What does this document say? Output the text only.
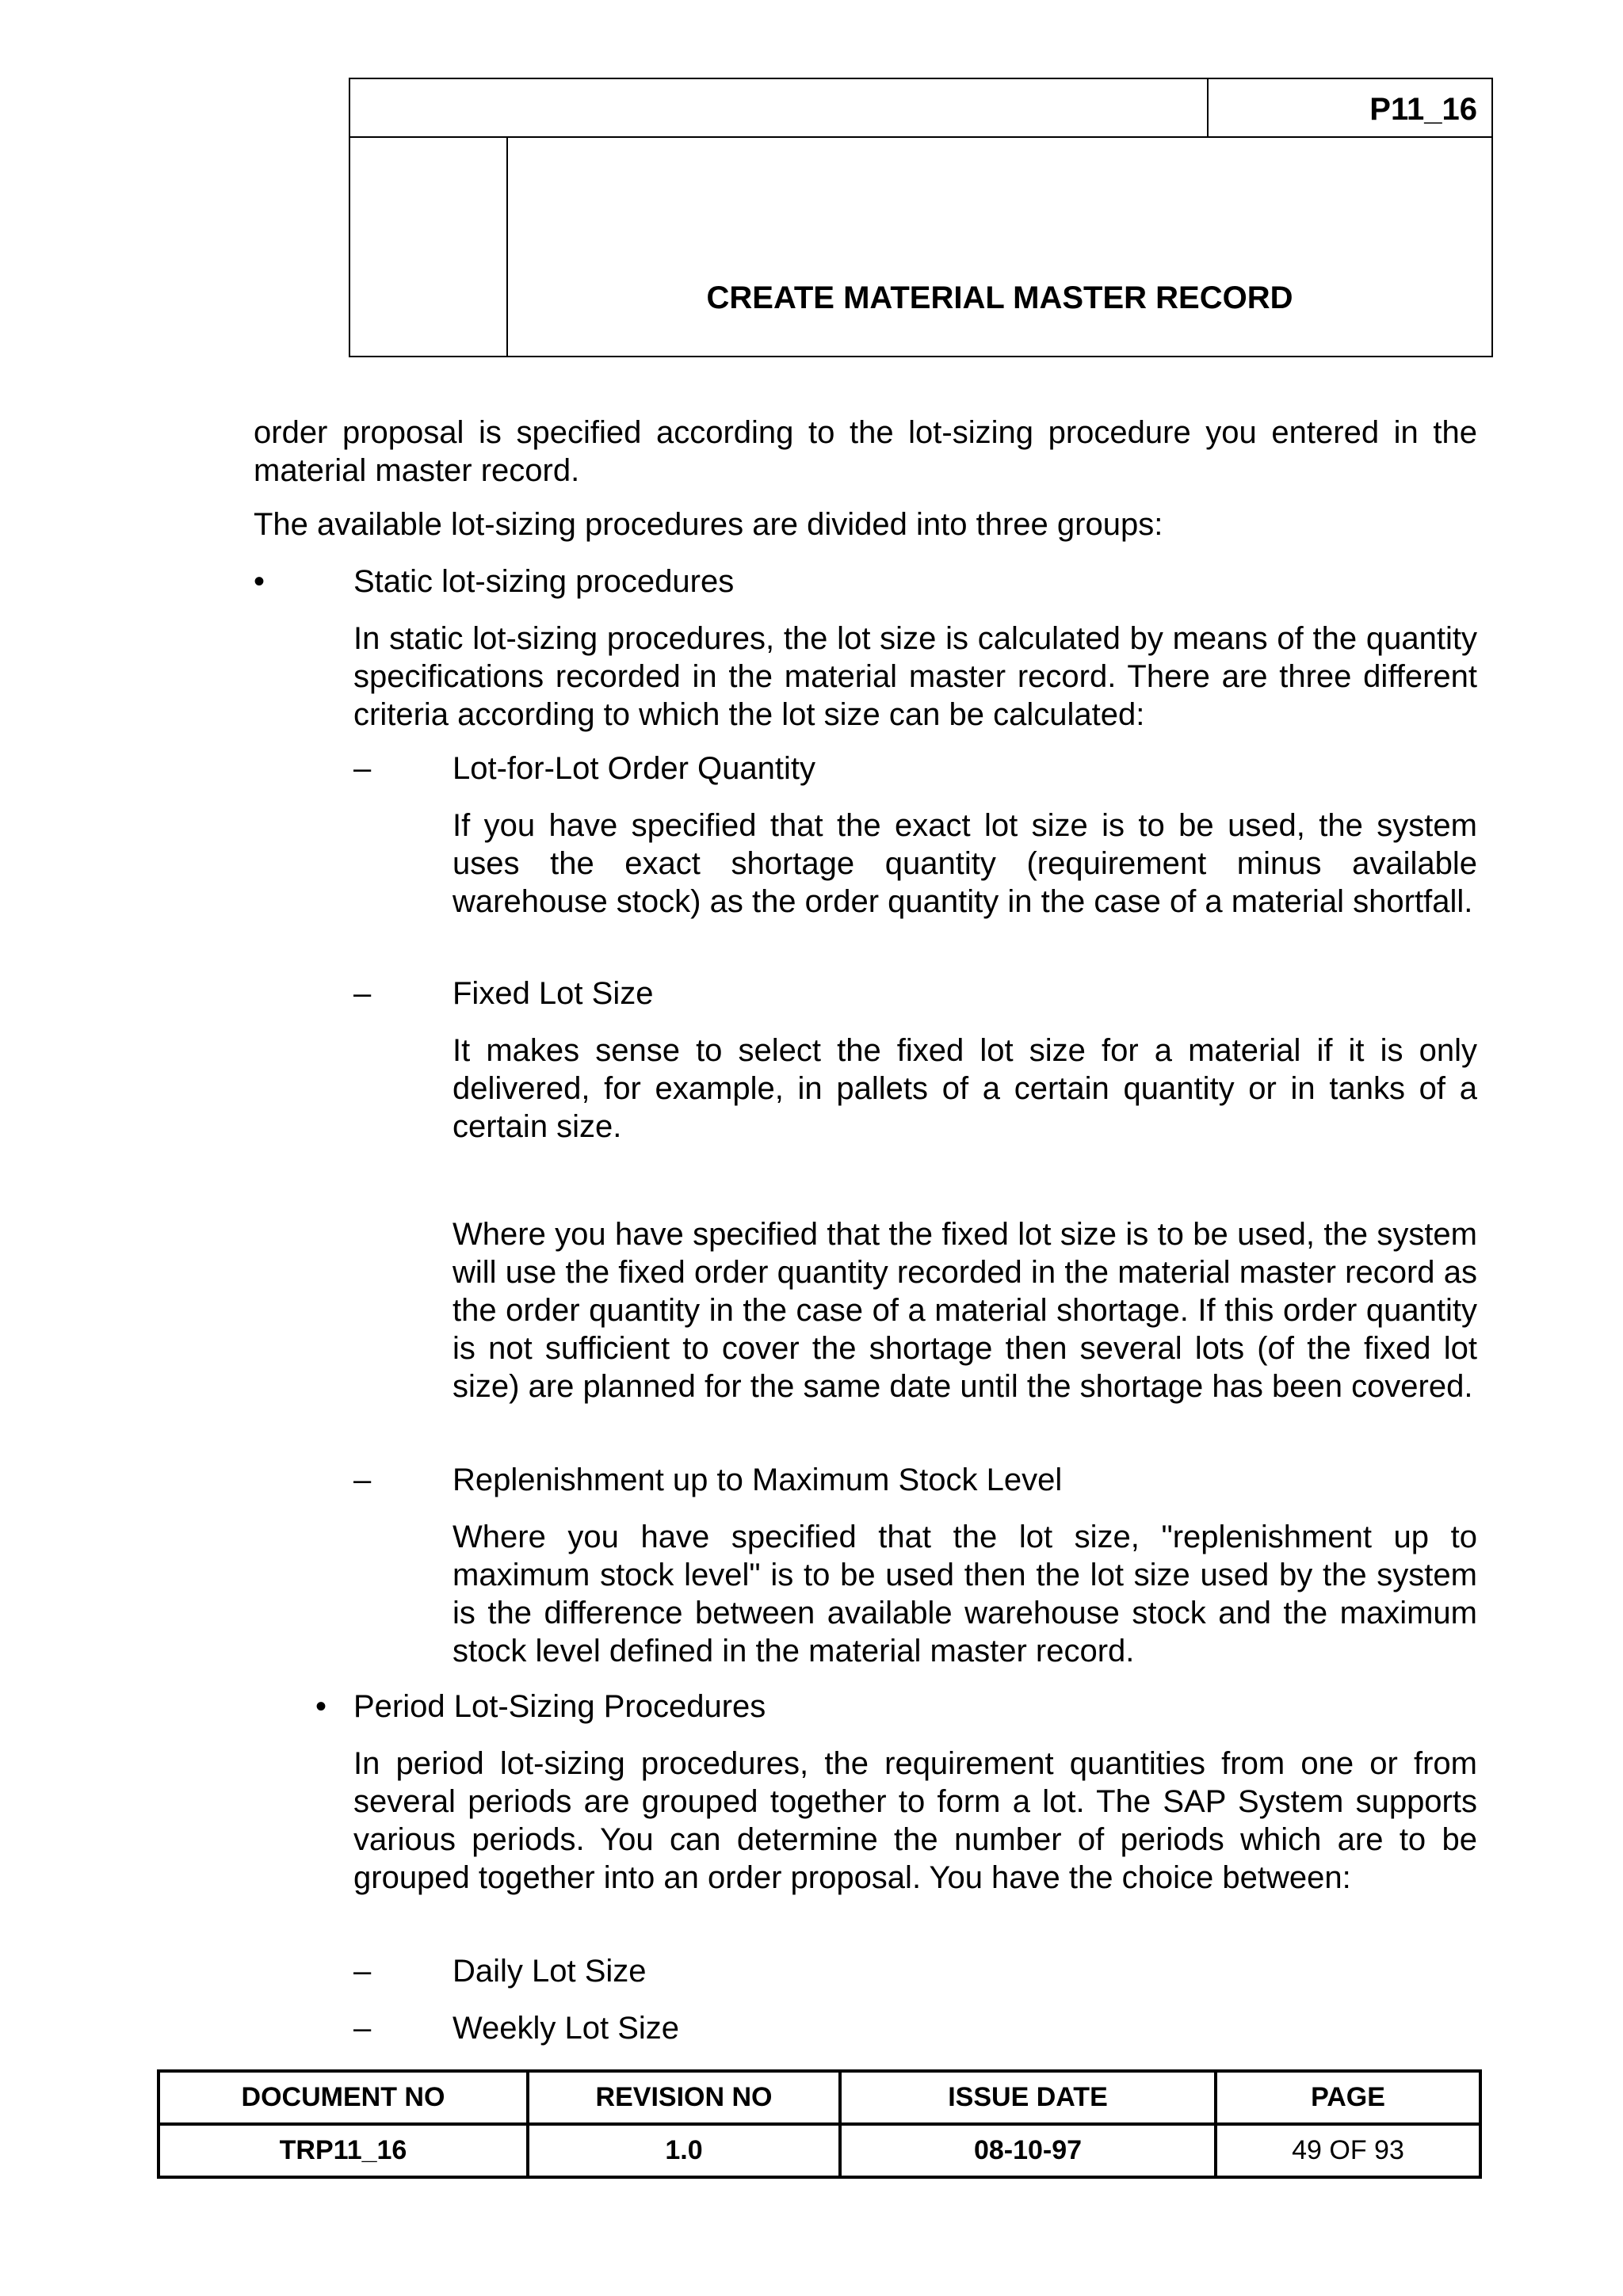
P11_16
CREATE MATERIAL MASTER RECORD

order proposal is specified according to the lot-sizing procedure you entered in the material master record.

The available lot-sizing procedures are divided into three groups:

•	Static lot-sizing procedures

In static lot-sizing procedures, the lot size is calculated by means of the quantity specifications recorded in the material master record. There are three different criteria according to which the lot size can be calculated:

–	Lot-for-Lot Order Quantity

If you have specified that the exact lot size is to be used, the system uses the exact shortage quantity (requirement minus available warehouse stock) as the order quantity in the case of a material shortfall.

–	Fixed Lot Size

It makes sense to select the fixed lot size for a material if it is only delivered, for example, in pallets of a certain quantity or in tanks of a certain size.

Where you have specified that the fixed lot size is to be used, the system will use the fixed order quantity recorded in the material master record as the order quantity in the case of a material shortage. If this order quantity is not sufficient to cover the shortage then several lots (of the fixed lot size) are planned for the same date until the shortage has been covered.

–	Replenishment up to Maximum Stock Level

Where you have specified that the lot size, "replenishment up to maximum stock level" is to be used then the lot size used by the system is the difference between available warehouse stock and the maximum stock level defined in the material master record.

• Period Lot-Sizing Procedures

In period lot-sizing procedures, the requirement quantities from one or from several periods are grouped together to form a lot. The SAP System supports various periods. You can determine the number of periods which are to be grouped together into an order proposal. You have the choice between:

–	Daily Lot Size

–	Weekly Lot Size

DOCUMENT NO	REVISION NO	ISSUE DATE	PAGE
TRP11_16	1.0	08-10-97	49 OF 93
